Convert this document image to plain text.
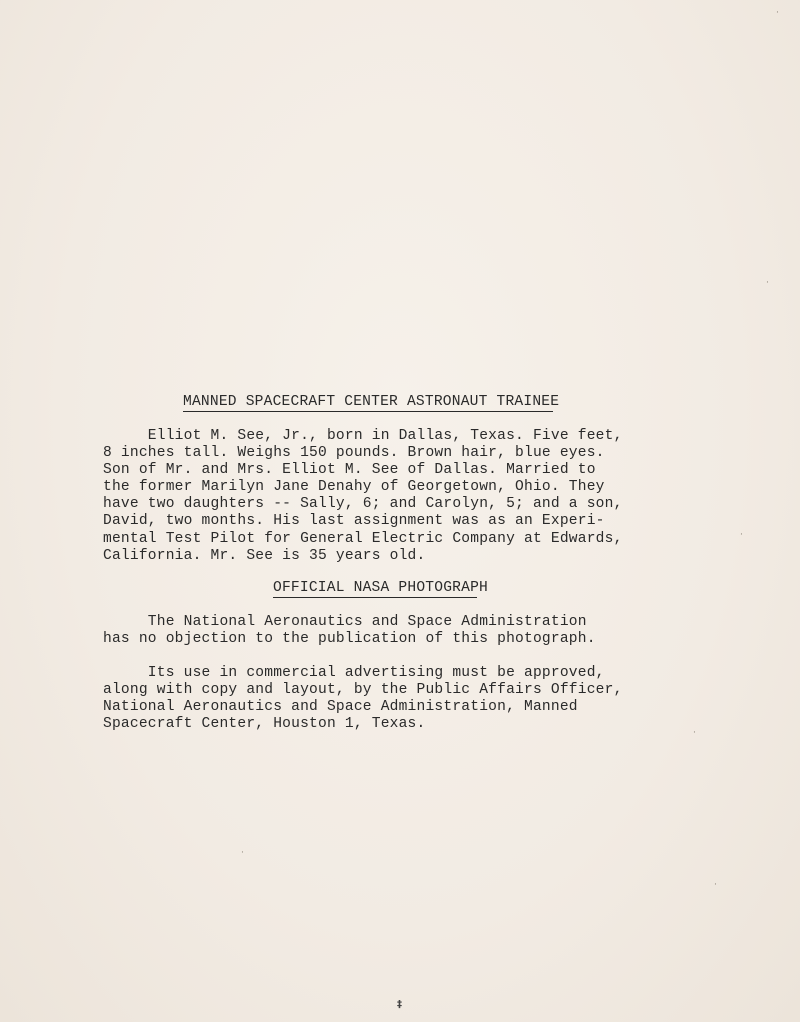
MANNED SPACECRAFT CENTER ASTRONAUT TRAINEE
Elliot M. See, Jr., born in Dallas, Texas. Five feet,
8 inches tall. Weighs 150 pounds. Brown hair, blue eyes.
Son of Mr. and Mrs. Elliot M. See of Dallas. Married to
the former Marilyn Jane Denahy of Georgetown, Ohio. They
have two daughters -- Sally, 6; and Carolyn, 5; and a son,
David, two months. His last assignment was as an Experi-
mental Test Pilot for General Electric Company at Edwards,
California. Mr. See is 35 years old.
OFFICIAL NASA PHOTOGRAPH
The National Aeronautics and Space Administration
has no objection to the publication of this photograph.
Its use in commercial advertising must be approved,
along with copy and layout, by the Public Affairs Officer,
National Aeronautics and Space Administration, Manned
Spacecraft Center, Houston 1, Texas.
‡
·
·
·
·
·
·
